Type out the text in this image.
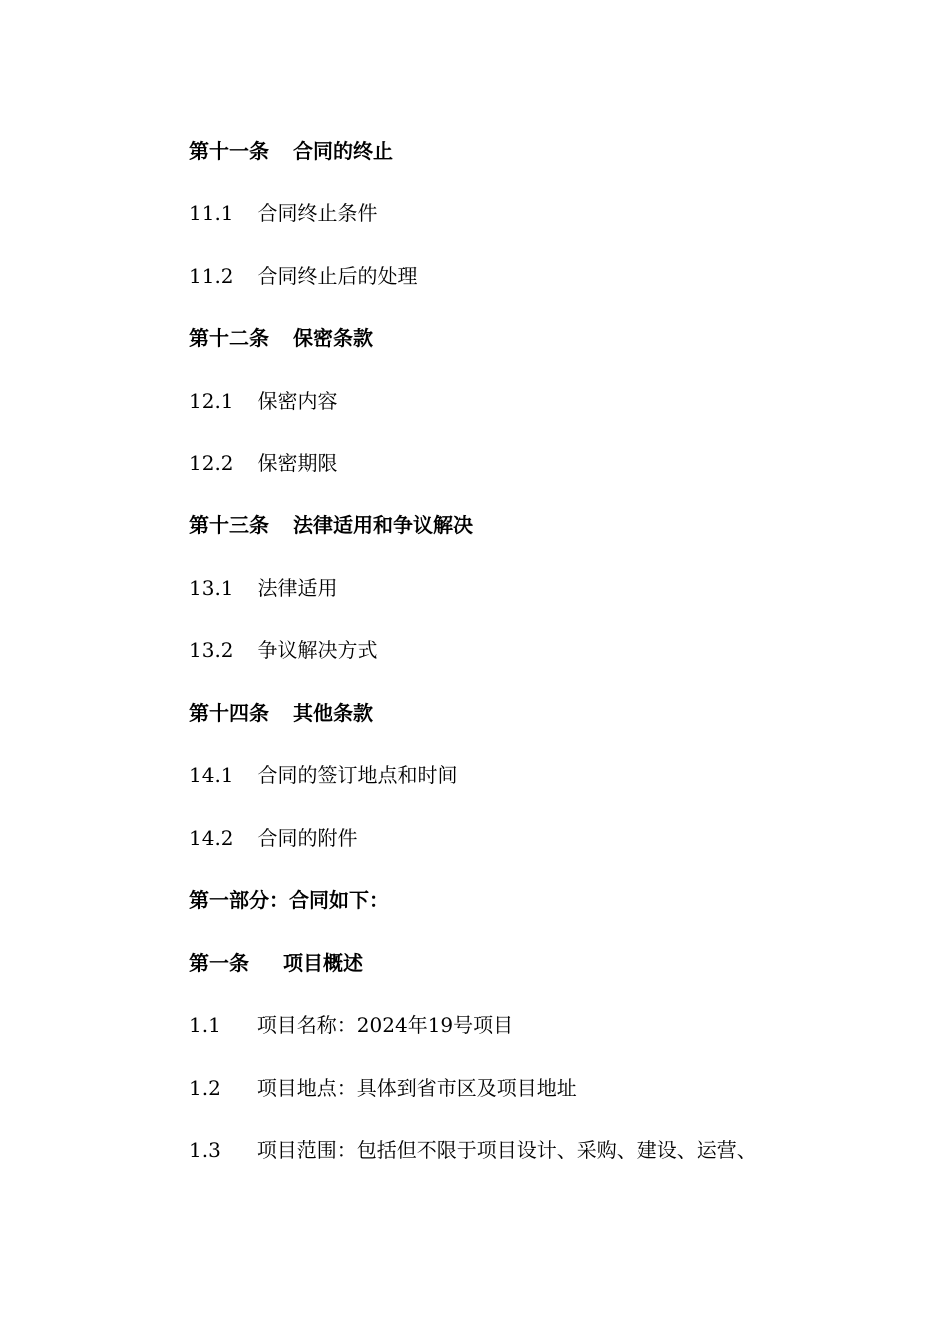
第十一条 合同的终止
11.1 合同终止条件
11.2 合同终止后的处理
第十二条 保密条款
12.1 保密内容
12.2 保密期限
第十三条 法律适用和争议解决
13.1 法律适用
13.2 争议解决方式
第十四条 其他条款
14.1 合同的签订地点和时间
14.2 合同的附件
第一部分：合同如下：
第一条 项目概述
1.1 项目名称：2024年19号项目
1.2 项目地点：具体到省市区及项目地址
1.3 项目范围：包括但不限于项目设计、采购、建设、运营、
